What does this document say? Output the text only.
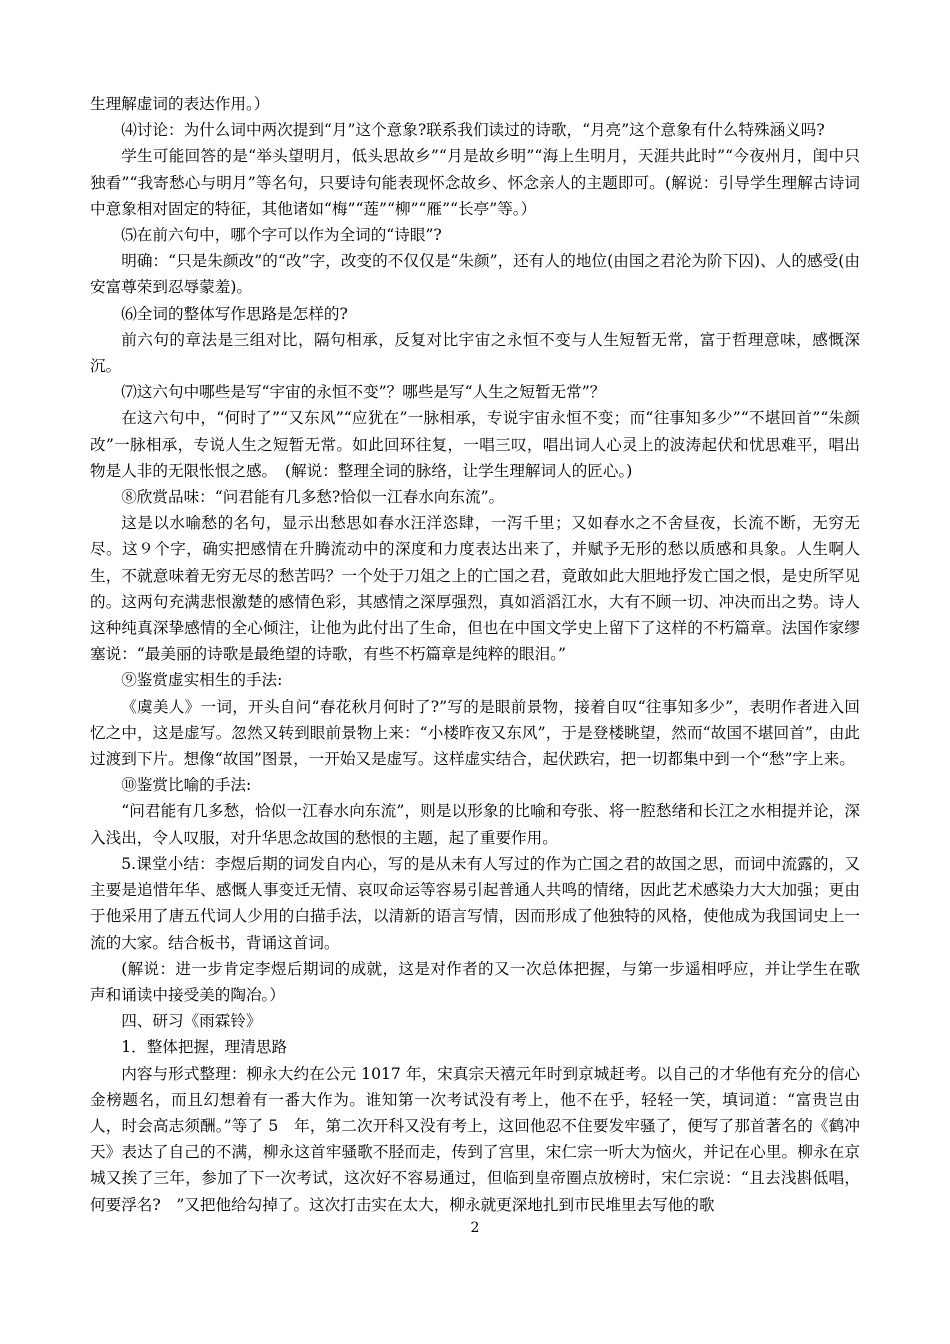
生理解虚词的表达作用。）

⑷讨论：为什么词中两次提到“月”这个意象?联系我们读过的诗歌，“月亮”这个意象有什么特殊涵义吗?

学生可能回答的是“举头望明月，低头思故乡”“月是故乡明”“海上生明月，天涯共此时”“今夜州月，闺中只独看”“我寄愁心与明月”等名句，只要诗句能表现怀念故乡、怀念亲人的主题即可。(解说：引导学生理解古诗词中意象相对固定的特征，其他诸如“梅”“莲”“柳”“雁”“长亭”等。）

⑸在前六句中，哪个字可以作为全词的“诗眼”?

明确：“只是朱颜改”的“改”字，改变的不仅仅是“朱颜”，还有人的地位(由国之君沦为阶下囚)、人的感受(由安富尊荣到忍辱蒙羞)。

⑹全词的整体写作思路是怎样的?

前六句的章法是三组对比，隔句相承，反复对比宇宙之永恒不变与人生短暂无常，富于哲理意味，感慨深沉。

⑺这六句中哪些是写“宇宙的永恒不变”？哪些是写“人生之短暂无常”？

在这六句中，“何时了”“又东风”“应犹在”一脉相承，专说宇宙永恒不变；而“往事知多少”“不堪回首”“朱颜改”一脉相承，专说人生之短暂无常。如此回环往复，一唱三叹，唱出词人心灵上的波涛起伏和忧思难平，唱出物是人非的无限怅恨之感。　(解说：整理全词的脉络，让学生理解词人的匠心。)

⑧欣赏品味：“问君能有几多愁?恰似一江春水向东流”。

这是以水喻愁的名句，显示出愁思如春水汪洋恣肆，一泻千里；又如春水之不舍昼夜，长流不断，无穷无尽。这９个字，确实把感情在升腾流动中的深度和力度表达出来了，并赋予无形的愁以质感和具象。人生啊人生，不就意味着无穷无尽的愁苦吗？一个处于刀俎之上的亡国之君，竟敢如此大胆地抒发亡国之恨，是史所罕见的。这两句充满悲恨激楚的感情色彩，其感情之深厚强烈，真如滔滔江水，大有不顾一切、冲决而出之势。诗人这种纯真深挚感情的全心倾注，让他为此付出了生命，但也在中国文学史上留下了这样的不朽篇章。法国作家缪塞说：“最美丽的诗歌是最绝望的诗歌，有些不朽篇章是纯粹的眼泪。”

⑨鉴赏虚实相生的手法:

《虞美人》一词，开头自问“春花秋月何时了?”写的是眼前景物，接着自叹“往事知多少”，表明作者进入回忆之中，这是虚写。忽然又转到眼前景物上来：“小楼昨夜又东风”，于是登楼眺望，然而“故国不堪回首”，由此过渡到下片。想像“故国”图景，一开始又是虚写。这样虚实结合，起伏跌宕，把一切都集中到一个“愁”字上来。

⑩鉴赏比喻的手法:

“问君能有几多愁，恰似一江春水向东流”，则是以形象的比喻和夸张、将一腔愁绪和长江之水相提并论，深入浅出，令人叹服，对升华思念故国的愁恨的主题，起了重要作用。

5.课堂小结：李煜后期的词发自内心，写的是从未有人写过的作为亡国之君的故国之思，而词中流露的，又主要是追惜年华、感慨人事变迁无情、哀叹命运等容易引起普通人共鸣的情绪，因此艺术感染力大大加强；更由于他采用了唐五代词人少用的白描手法，以清新的语言写情，因而形成了他独特的风格，使他成为我国词史上一流的大家。结合板书，背诵这首词。

(解说：进一步肯定李煜后期词的成就，这是对作者的又一次总体把握，与第一步遥相呼应，并让学生在歌声和诵读中接受美的陶冶。）

四、研习《雨霖铃》

1．整体把握，理清思路

内容与形式整理：柳永大约在公元 1017 年，宋真宗天禧元年时到京城赶考。以自己的才华他有充分的信心金榜题名，而且幻想着有一番大作为。谁知第一次考试没有考上，他不在乎，轻轻一笑，填词道：“富贵岂由人，时会高志须酬。”等了 5　年，第二次开科又没有考上，这回他忍不住要发牢骚了，便写了那首著名的《鹤冲天》表达了自己的不满，柳永这首牢骚歌不胫而走，传到了宫里，宋仁宗一听大为恼火，并记在心里。柳永在京城又挨了三年，参加了下一次考试，这次好不容易通过，但临到皇帝圈点放榜时，宋仁宗说：“且去浅斟低唱，何要浮名?　”又把他给勾掉了。这次打击实在太大，柳永就更深地扎到市民堆里去写他的歌

2
